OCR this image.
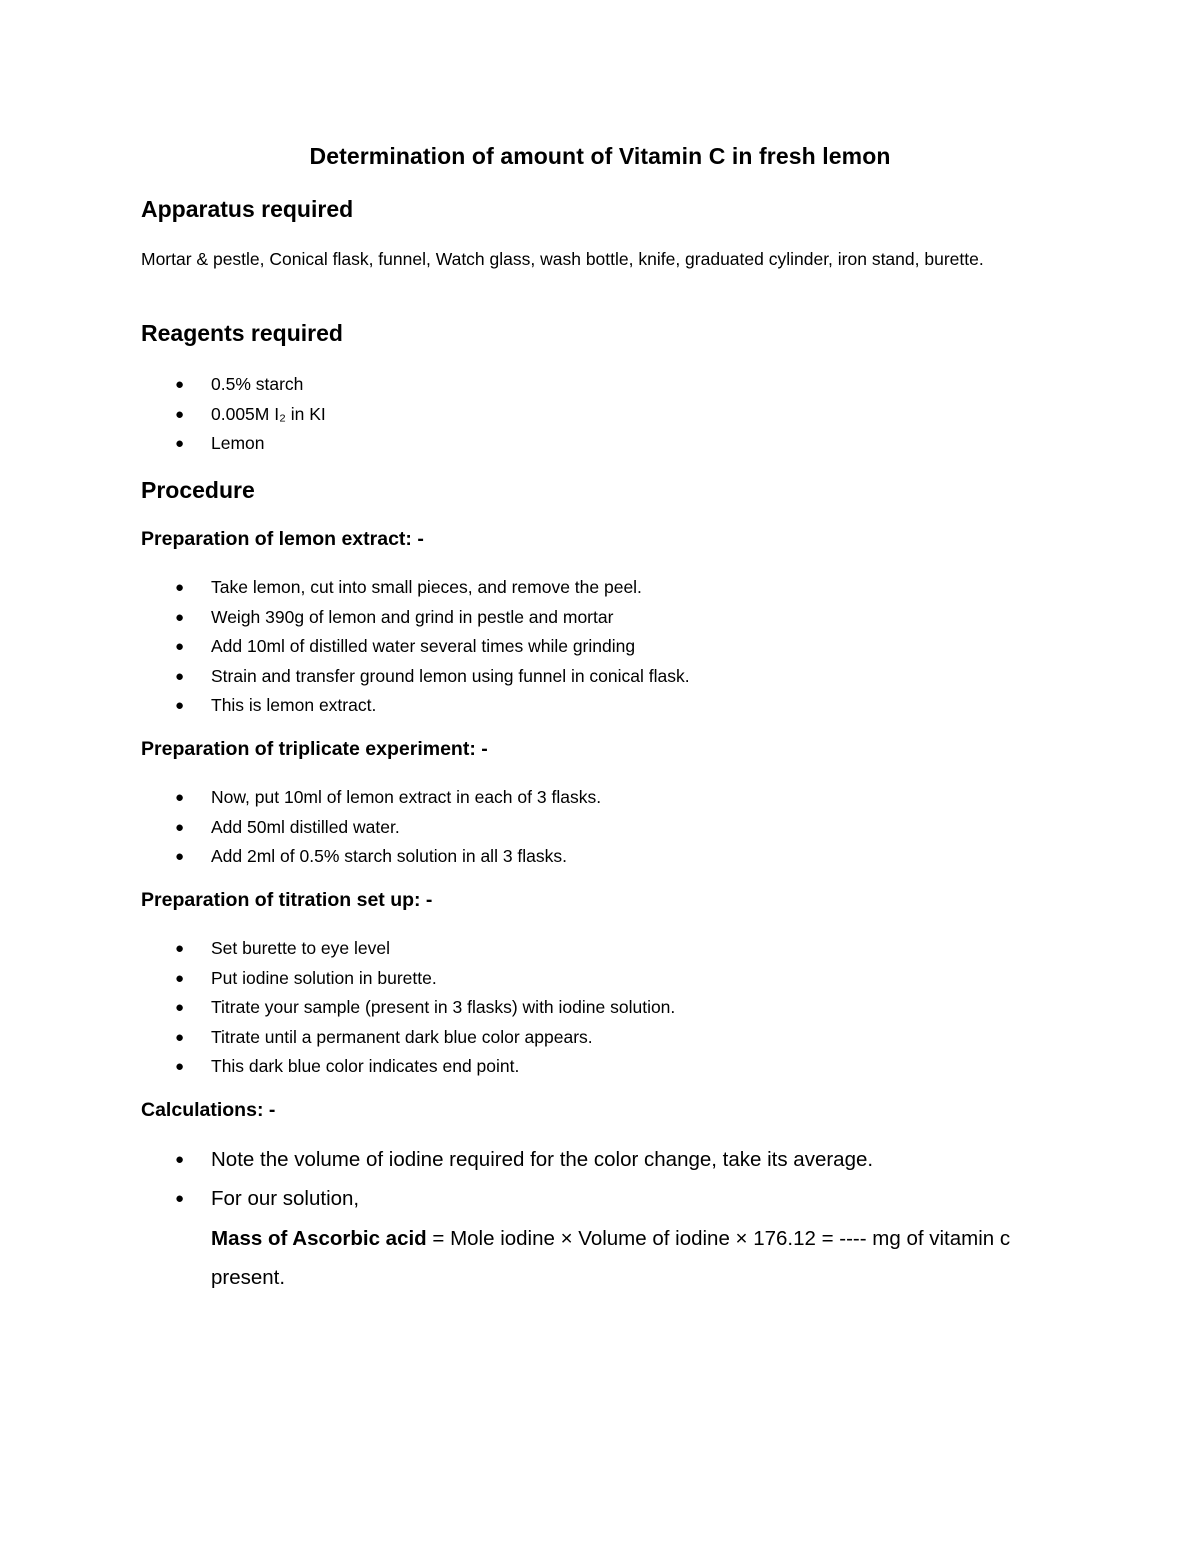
Determination of amount of Vitamin C in fresh lemon
Apparatus required
Mortar & pestle, Conical flask, funnel, Watch glass, wash bottle, knife, graduated cylinder, iron stand, burette.
Reagents required
● 0.5% starch
● 0.005M I₂ in KI
● Lemon
Procedure
Preparation of lemon extract: -
● Take lemon, cut into small pieces, and remove the peel.
● Weigh 390g of lemon and grind in pestle and mortar
● Add 10ml of distilled water several times while grinding
● Strain and transfer ground lemon using funnel in conical flask.
● This is lemon extract.
Preparation of triplicate experiment: -
● Now, put 10ml of lemon extract in each of 3 flasks.
● Add 50ml distilled water.
● Add 2ml of 0.5% starch solution in all 3 flasks.
Preparation of titration set up: -
● Set burette to eye level
● Put iodine solution in burette.
● Titrate your sample (present in 3 flasks) with iodine solution.
● Titrate until a permanent dark blue color appears.
● This dark blue color indicates end point.
Calculations: -
● Note the volume of iodine required for the color change, take its average.
● For our solution,
Mass of Ascorbic acid = Mole iodine × Volume of iodine × 176.12 = ---- mg of vitamin c present.
